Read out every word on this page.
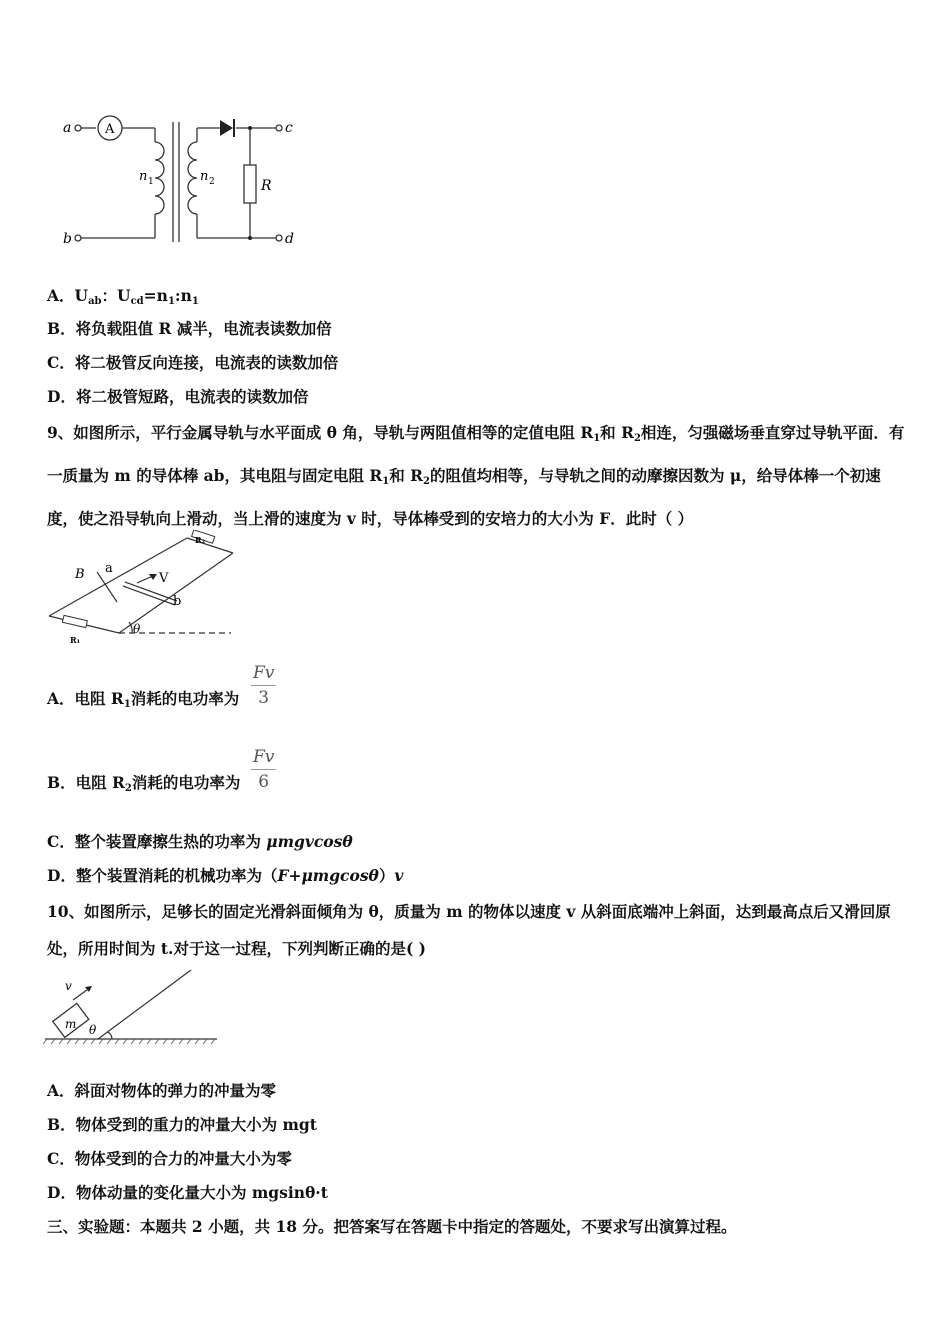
a
b
A
n 1	n 2	R
c
d
A．$U_{ab}$：$U_{cd}=n_1:n_1$
B．将负载阻值 R 减半，电流表读数加倍
C．将二极管反向连接，电流表的读数加倍
D．将二极管短路，电流表的读数加倍
9、如图所示，平行金属导轨与水平面成 θ 角，导轨与两阻值相等的定值电阻 $R_1$和 $R_2$相连，匀强磁场垂直穿过导轨平面．有一质量为 m 的导体棒 ab，其电阻与固定电阻 $R_1$和 $R_2$的阻值均相等，与导轨之间的动摩擦因数为 μ，给导体棒一个初速度，使之沿导轨向上滑动，当上滑的速度为 v 时，导体棒受到的安培力的大小为 F．此时（ ）
B a
V
b
R₂
R₁
θ
A．电阻 $R_1$消耗的电功率为 $\frac{Fv}{3}$
B．电阻 $R_2$消耗的电功率为 $\frac{Fv}{6}$
C．整个装置摩擦生热的功率为 μmgvcosθ
D．整个装置消耗的机械功率为（F+μmgcosθ）v
10、如图所示，足够长的固定光滑斜面倾角为 θ，质量为 m 的物体以速度 v 从斜面底端冲上斜面，达到最高点后又滑回原处，所用时间为 t.对于这一过程，下列判断正确的是( )
v
m θ
A．斜面对物体的弹力的冲量为零
B．物体受到的重力的冲量大小为 mgt
C．物体受到的合力的冲量大小为零
D．物体动量的变化量大小为 mgsinθ·t
三、实验题：本题共 2 小题，共 18 分。把答案写在答题卡中指定的答题处，不要求写出演算过程。
